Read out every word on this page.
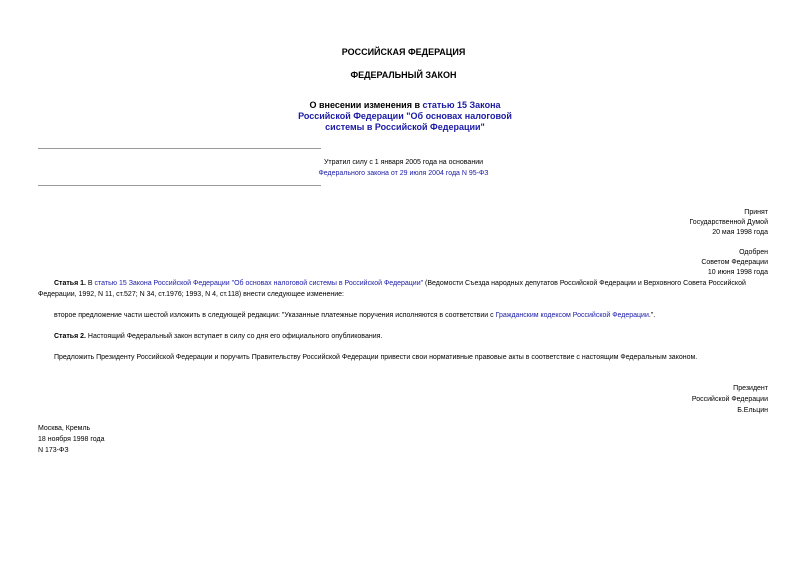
РОССИЙСКАЯ ФЕДЕРАЦИЯ
ФЕДЕРАЛЬНЫЙ ЗАКОН
О внесении изменения в статью 15 Закона Российской Федерации "Об основах налоговой системы в Российской Федерации"
Утратил силу с 1 января 2005 года на основании
Федерального закона от 29 июля 2004 года N 95-ФЗ
Принят
Государственной Думой
20 мая 1998 года
Одобрен
Советом Федерации
10 июня 1998 года
Статья 1. В статью 15 Закона Российской Федерации "Об основах налоговой системы в Российской Федерации" (Ведомости Съезда народных депутатов Российской Федерации и Верховного Совета Российской Федерации, 1992, N 11, ст.527; N 34, ст.1976; 1993, N 4, ст.118) внести следующее изменение:
второе предложение части шестой изложить в следующей редакции: "Указанные платежные поручения исполняются в соответствии с Гражданским кодексом Российской Федерации.".
Статья 2. Настоящий Федеральный закон вступает в силу со дня его официального опубликования.
Предложить Президенту Российской Федерации и поручить Правительству Российской Федерации привести свои нормативные правовые акты в соответствие с настоящим Федеральным законом.
Президент
Российской Федерации
Б.Ельцин
Москва, Кремль
18 ноября 1998 года
N 173-ФЗ
